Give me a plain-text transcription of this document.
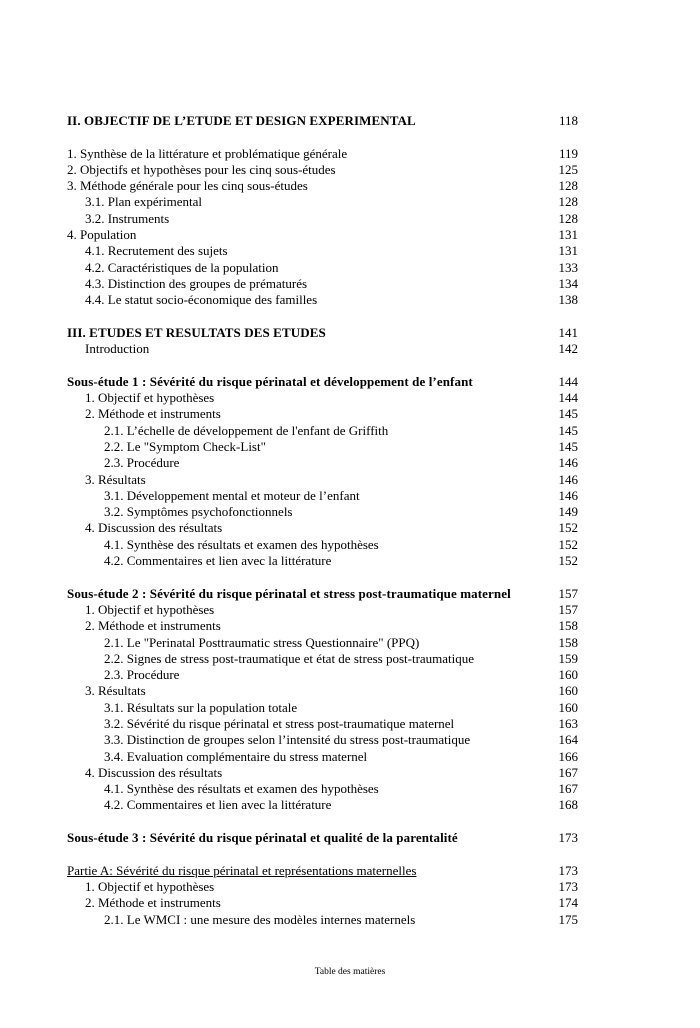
II. OBJECTIF DE L’ETUDE ET DESIGN EXPERIMENTAL	118
1. Synthèse de la littérature et problématique générale	119
2. Objectifs et hypothèses pour les cinq sous-études	125
3. Méthode générale pour les cinq sous-études	128
3.1. Plan expérimental	128
3.2. Instruments	128
4. Population	131
4.1. Recrutement des sujets	131
4.2. Caractéristiques de la population	133
4.3. Distinction des groupes de prématurés	134
4.4. Le statut socio-économique des familles	138
III. ETUDES ET RESULTATS DES ETUDES	141
Introduction	142
Sous-étude 1 : Sévérité du risque périnatal et développement de l’enfant	144
1. Objectif et hypothèses	144
2. Méthode et instruments	145
2.1. L’échelle de développement de l'enfant de Griffith	145
2.2. Le "Symptom Check-List"	145
2.3. Procédure	146
3. Résultats	146
3.1. Développement mental et moteur de l’enfant	146
3.2. Symptômes psychofonctionnels	149
4. Discussion des résultats	152
4.1. Synthèse des résultats et examen des hypothèses	152
4.2. Commentaires et lien avec la littérature	152
Sous-étude 2 : Sévérité du risque périnatal et stress post-traumatique maternel	157
1. Objectif et hypothèses	157
2. Méthode et instruments	158
2.1. Le "Perinatal Posttraumatic stress Questionnaire" (PPQ)	158
2.2. Signes de stress post-traumatique et état de stress post-traumatique	159
2.3. Procédure	160
3. Résultats	160
3.1. Résultats sur la population totale	160
3.2. Sévérité du risque périnatal et stress post-traumatique maternel	163
3.3. Distinction de groupes selon l’intensité du stress post-traumatique	164
3.4. Evaluation complémentaire du stress maternel	166
4. Discussion des résultats	167
4.1. Synthèse des résultats et examen des hypothèses	167
4.2. Commentaires et lien avec la littérature	168
Sous-étude 3 : Sévérité du risque périnatal et qualité de la parentalité	173
Partie A: Sévérité du risque périnatal et représentations maternelles	173
1. Objectif et hypothèses	173
2. Méthode et instruments	174
2.1. Le WMCI : une mesure des modèles internes maternels	175
Table des matières
